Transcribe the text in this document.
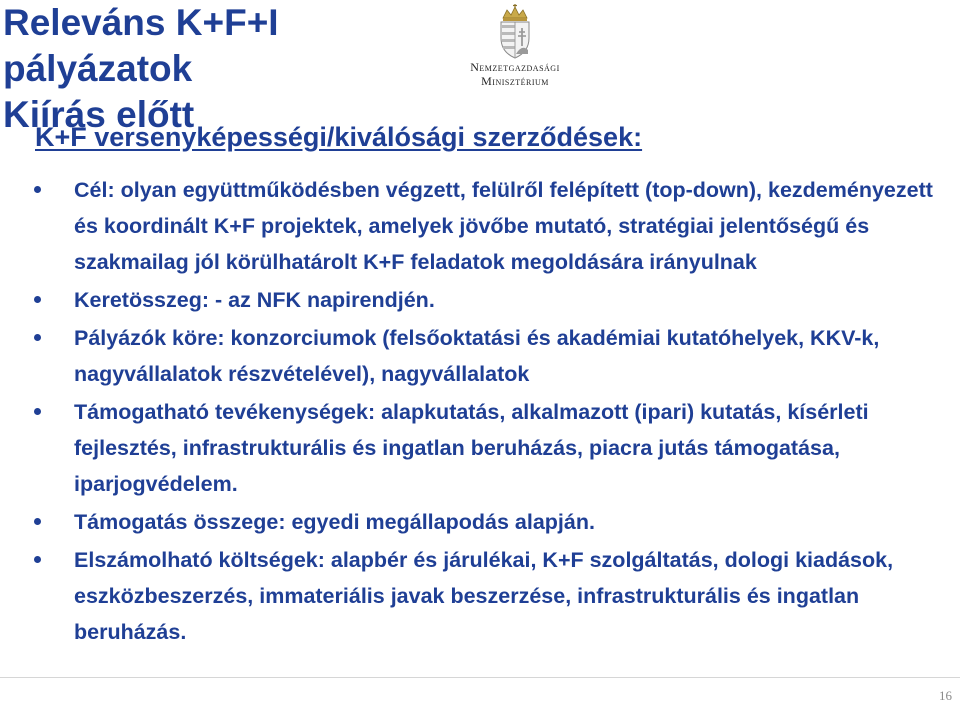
Releváns K+F+I pályázatok
Kiírás előtt
Nemzetgazdasági
Minisztérium
K+F versenyképességi/kiválósági szerződések:
Cél: olyan együttműködésben végzett, felülről felépített (top-down), kezdeményezett és koordinált K+F projektek, amelyek jövőbe mutató, stratégiai jelentőségű és szakmailag jól körülhatárolt K+F feladatok megoldására irányulnak
Keretösszeg: - az NFK napirendjén.
Pályázók köre: konzorciumok (felsőoktatási és akadémiai kutatóhelyek, KKV-k, nagyvállalatok részvételével), nagyvállalatok
Támogatható tevékenységek: alapkutatás, alkalmazott (ipari) kutatás, kísérleti fejlesztés, infrastrukturális és ingatlan beruházás, piacra jutás támogatása, iparjogvédelem.
Támogatás összege: egyedi megállapodás alapján.
Elszámolható költségek: alapbér és járulékai, K+F szolgáltatás, dologi kiadások, eszközbeszerzés, immateriális javak beszerzése, infrastrukturális és ingatlan beruházás.
16
